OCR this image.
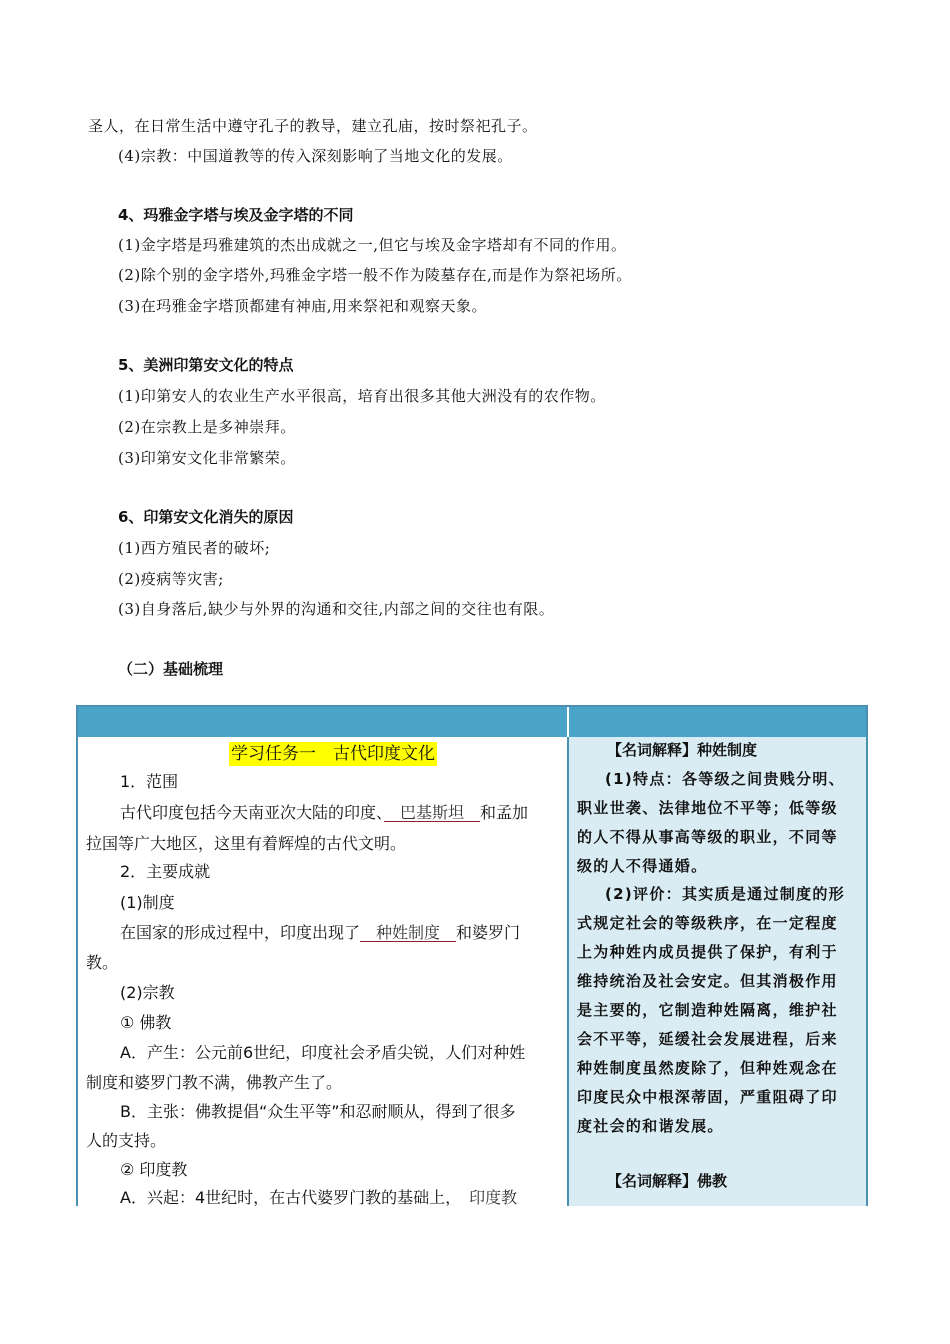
圣人，在日常生活中遵守孔子的教导，建立孔庙，按时祭祀孔子。
(4)宗教：中国道教等的传入深刻影响了当地文化的发展。
4、玛雅金字塔与埃及金字塔的不同
(1)金字塔是玛雅建筑的杰出成就之一,但它与埃及金字塔却有不同的作用。
(2)除个别的金字塔外,玛雅金字塔一般不作为陵墓存在,而是作为祭祀场所。
(3)在玛雅金字塔顶都建有神庙,用来祭祀和观察天象。
5、美洲印第安文化的特点
(1)印第安人的农业生产水平很高，培育出很多其他大洲没有的农作物。
(2)在宗教上是多神崇拜。
(3)印第安文化非常繁荣。
6、印第安文化消失的原因
(1)西方殖民者的破坏;
(2)疫病等灾害;
(3)自身落后,缺少与外界的沟通和交往,内部之间的交往也有限。
（二）基础梳理
学习任务一　古代印度文化
1．范围
古代印度包括今天南亚次大陆的印度、　巴基斯坦　和孟加
拉国等广大地区，这里有着辉煌的古代文明。
2．主要成就
(1)制度
在国家的形成过程中，印度出现了　种姓制度　和婆罗门
教。
(2)宗教
① 佛教
A．产生：公元前6世纪，印度社会矛盾尖锐，人们对种姓
制度和婆罗门教不满，佛教产生了。
B．主张：佛教提倡“众生平等”和忍耐顺从，得到了很多
人的支持。
② 印度教
A．兴起：4世纪时，在古代婆罗门教的基础上，　印度教　
【名词解释】种姓制度
(1)特点：各等级之间贵贱分明、
职业世袭、法律地位不平等；低等级
的人不得从事高等级的职业，不同等
级的人不得通婚。
(2)评价：其实质是通过制度的形
式规定社会的等级秩序，在一定程度
上为种姓内成员提供了保护，有利于
维持统治及社会安定。但其消极作用
是主要的，它制造种姓隔离，维护社
会不平等，延缓社会发展进程，后来
种姓制度虽然废除了，但种姓观念在
印度民众中根深蒂固，严重阻碍了印
度社会的和谐发展。
【名词解释】佛教
